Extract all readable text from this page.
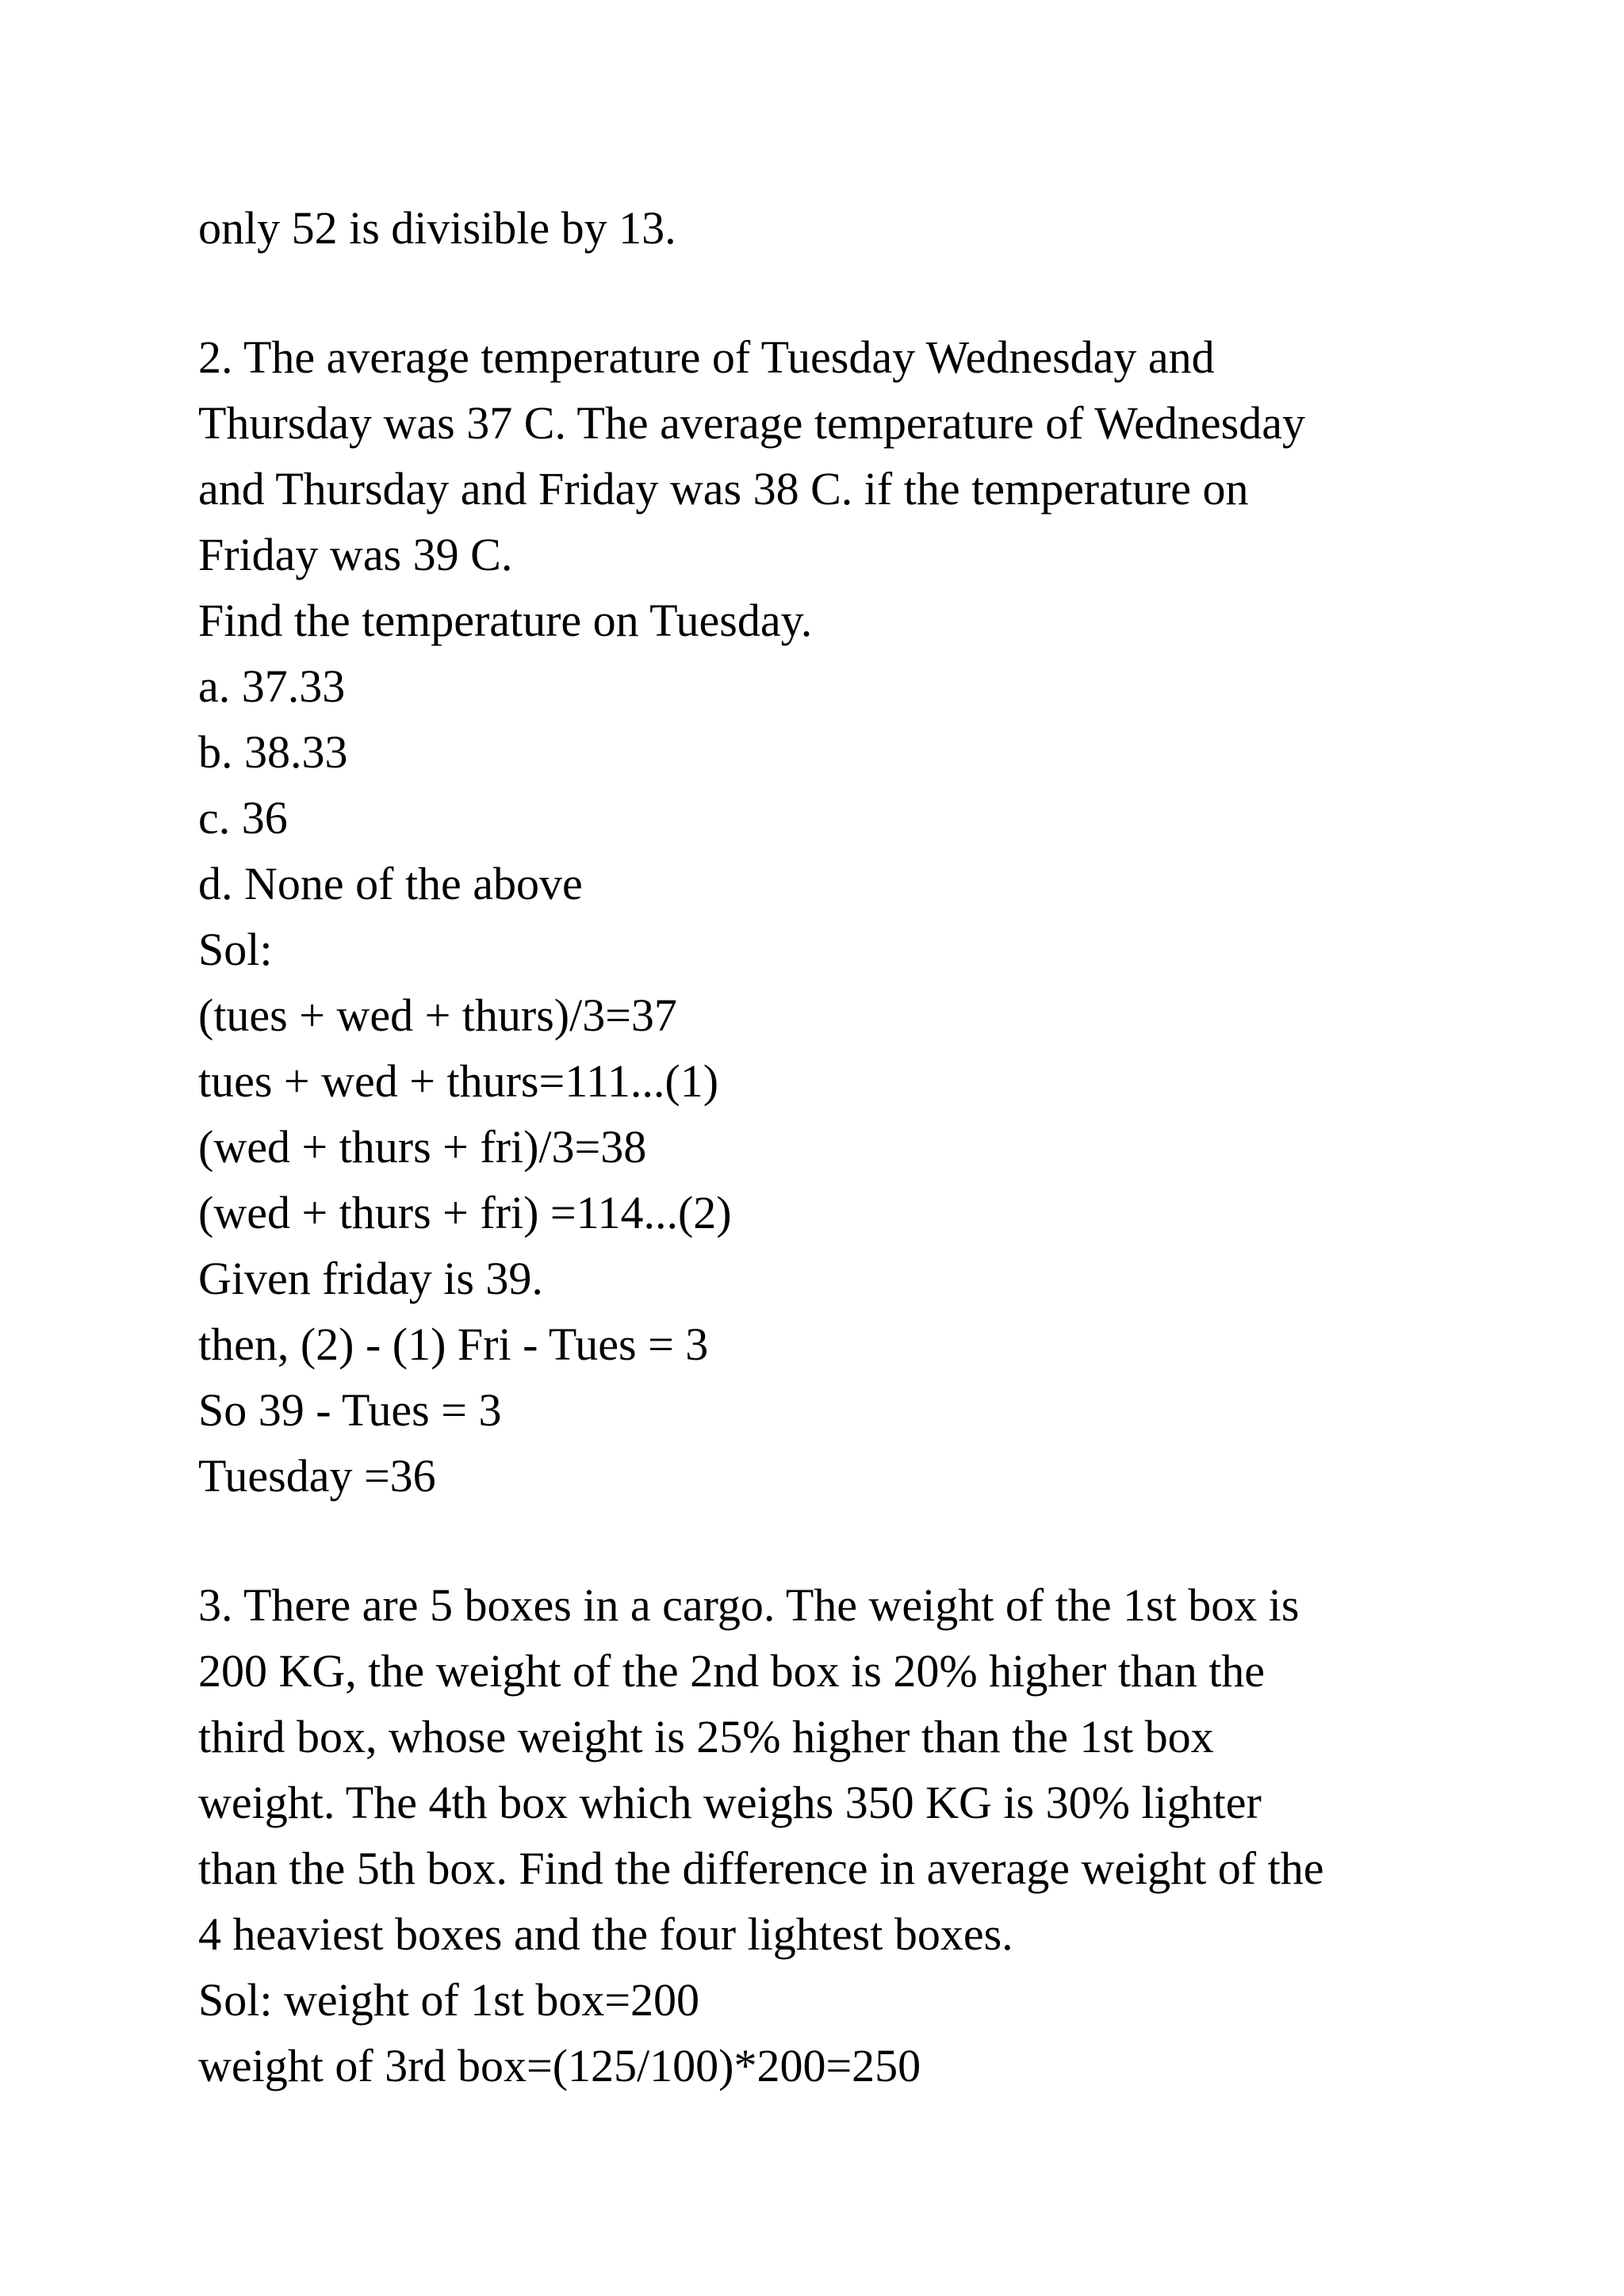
only 52 is divisible by 13.
2. The average temperature of Tuesday Wednesday and
Thursday was 37 C. The average temperature of Wednesday
and Thursday and Friday was 38 C. if the temperature on
Friday was 39 C.
Find the temperature on Tuesday.
a. 37.33
b. 38.33
c. 36
d. None of the above
Sol:
(tues + wed + thurs)/3=37
tues + wed + thurs=111...(1)
(wed + thurs + fri)/3=38
(wed + thurs + fri) =114...(2)
Given friday is 39.
then, (2) - (1) Fri - Tues = 3
So 39 - Tues = 3
Tuesday =36
3. There are 5 boxes in a cargo. The weight of the 1st box is
200 KG, the weight of the 2nd box is 20% higher than the
third box, whose weight is 25% higher than the 1st box
weight. The 4th box which weighs 350 KG is 30% lighter
than the 5th box. Find the difference in average weight of the
4 heaviest boxes and the four lightest boxes.
Sol: weight of 1st box=200
weight of 3rd box=(125/100)*200=250
